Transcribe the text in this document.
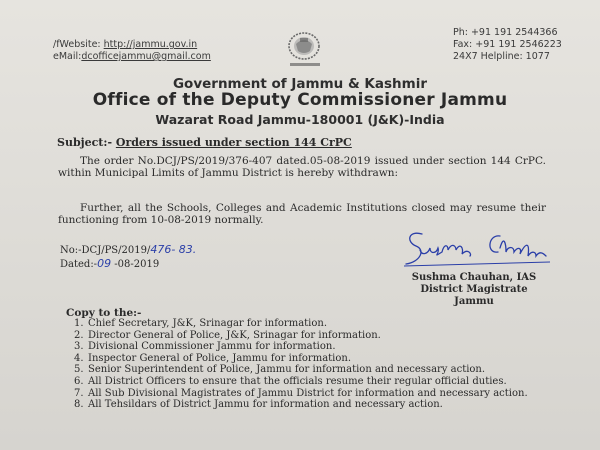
/fWebsite: http://jammu.gov.in
eMail:dcofficejammu@gmail.com
Ph: +91 191 2544366
Fax: +91 191 2546223
24X7 Helpline: 1077
Government of Jammu & Kashmir
Office of the Deputy Commissioner Jammu
Wazarat Road Jammu-180001 (J&K)-India
Subject:- Orders issued under section 144 CrPC
The order No.DCJ/PS/2019/376-407 dated.05-08-2019 issued under section 144 CrPC. within Municipal Limits of Jammu District is hereby withdrawn:
Further, all the Schools, Colleges and Academic Institutions closed may resume their functioning from 10-08-2019 normally.
No:-DCJ/PS/2019/476- 83.
Dated:-09 -08-2019
Sushma Chauhan, IAS
District Magistrate
Jammu
Copy to the:-
1. Chief Secretary, J&K, Srinagar for information.
2. Director General of Police, J&K, Srinagar for information.
3. Divisional Commissioner Jammu for information.
4. Inspector General of Police, Jammu for information.
5. Senior Superintendent of Police, Jammu for information and necessary action.
6. All District Officers to ensure that the officials resume their regular official duties.
7. All Sub Divisional Magistrates of Jammu District for information and necessary action.
8. All Tehsildars of District Jammu for information and necessary action.
